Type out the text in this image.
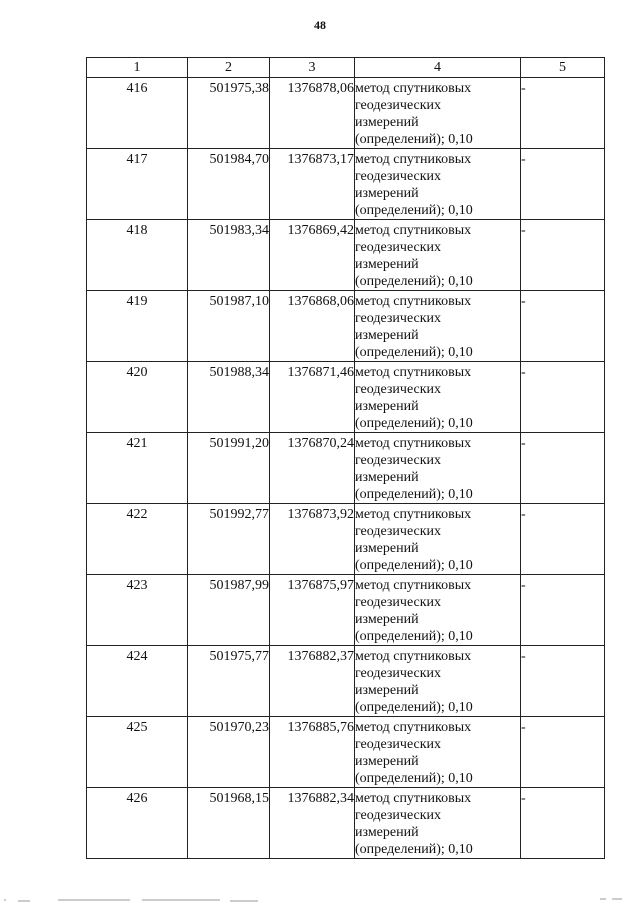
48
1	2	3	4	5
416	501975,38	1376878,06	метод спутниковых
геодезических
измерений
(определений); 0,10	-
417	501984,70	1376873,17	метод спутниковых
геодезических
измерений
(определений); 0,10	-
418	501983,34	1376869,42	метод спутниковых
геодезических
измерений
(определений); 0,10	-
419	501987,10	1376868,06	метод спутниковых
геодезических
измерений
(определений); 0,10	-
420	501988,34	1376871,46	метод спутниковых
геодезических
измерений
(определений); 0,10	-
421	501991,20	1376870,24	метод спутниковых
геодезических
измерений
(определений); 0,10	-
422	501992,77	1376873,92	метод спутниковых
геодезических
измерений
(определений); 0,10	-
423	501987,99	1376875,97	метод спутниковых
геодезических
измерений
(определений); 0,10	-
424	501975,77	1376882,37	метод спутниковых
геодезических
измерений
(определений); 0,10	-
425	501970,23	1376885,76	метод спутниковых
геодезических
измерений
(определений); 0,10	-
426	501968,15	1376882,34	метод спутниковых
геодезических
измерений
(определений); 0,10	-
